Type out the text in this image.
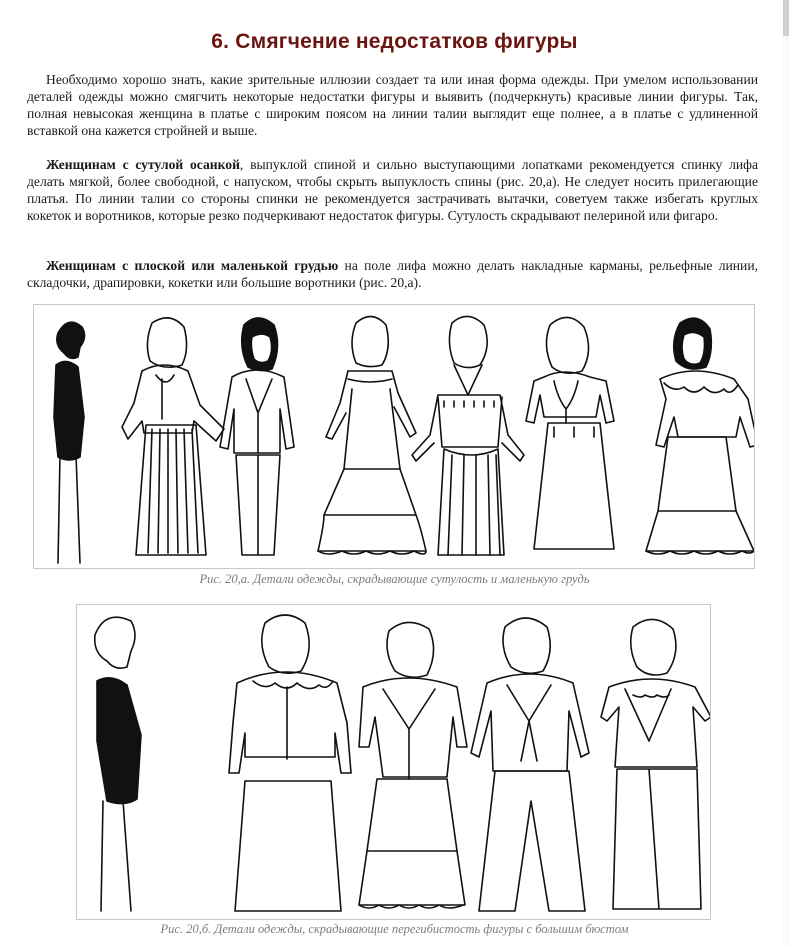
6. Смягчение недостатков фигуры

Необходимо хорошо знать, какие зрительные иллюзии создает та или иная форма одежды. При умелом использовании деталей одежды можно смягчить некоторые недостатки фигуры и выявить (подчеркнуть) красивые линии фигуры. Так, полная невысокая женщина в платье с широким поясом на линии талии выглядит еще полнее, а в платье с удлиненной вставкой она кажется стройней и выше.

Женщинам с сутулой осанкой, выпуклой спиной и сильно выступающими лопатками рекомендуется спинку лифа делать мягкой, более свободной, с напуском, чтобы скрыть выпуклость спины (рис. 20,а). Не следует носить прилегающие платья. По линии талии со стороны спинки не рекомендуется застрачивать вытачки, советуем также избегать круглых кокеток и воротников, которые резко подчеркивают недостаток фигуры. Сутулость скрадывают пелериной или фигаро.

Женщинам с плоской или маленькой грудью на поле лифа можно делать накладные карманы, рельефные линии, складочки, драпировки, кокетки или большие воротники (рис. 20,а).

Рис. 20,а. Детали одежды, скрадывающие сутулость и маленькую грудь
Рис. 20,б. Детали одежды, скрадывающие перегибистость фигуры с большим бюстом
